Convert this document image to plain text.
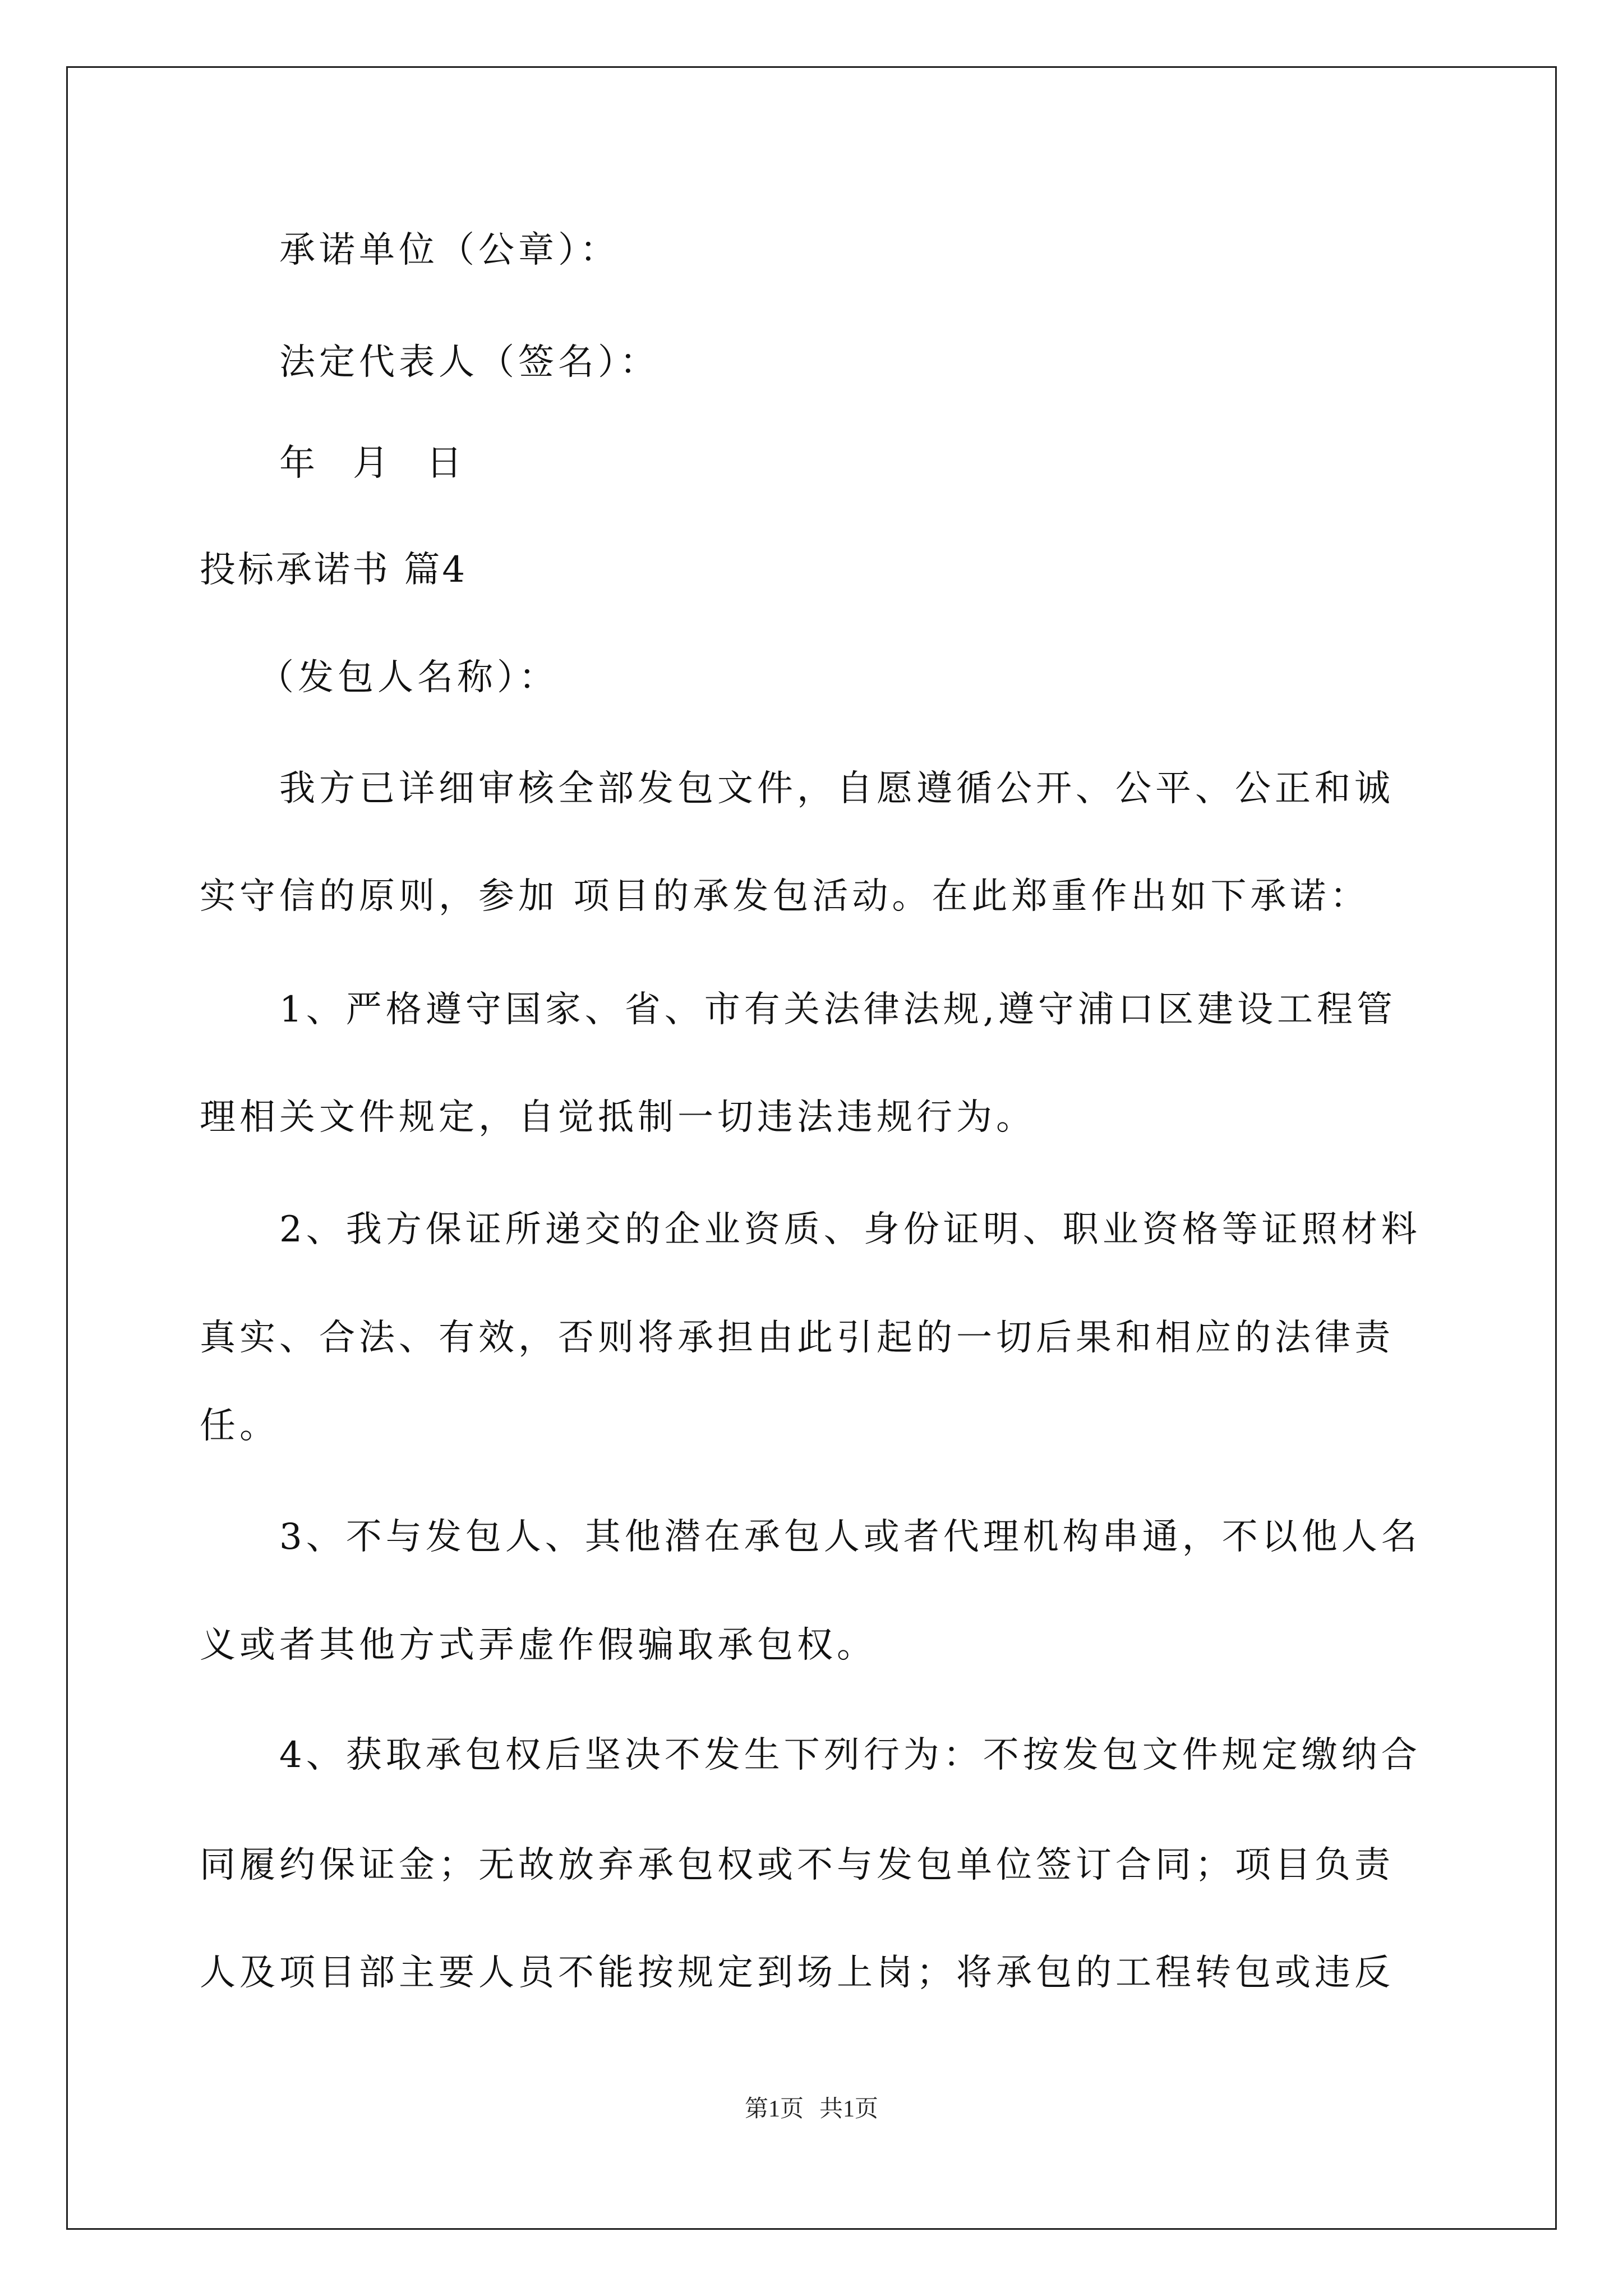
承诺单位（公章）：
法定代表人（签名）：
年 月 日
投标承诺书 篇4
（发包人名称）：
我方已详细审核全部发包文件，自愿遵循公开、公平、公正和诚
实守信的原则，参加 项目的承发包活动。在此郑重作出如下承诺：
1、严格遵守国家、省、市有关法律法规,遵守浦口区建设工程管
理相关文件规定，自觉抵制一切违法违规行为。
2、我方保证所递交的企业资质、身份证明、职业资格等证照材料
真实、合法、有效，否则将承担由此引起的一切后果和相应的法律责
任。
3、不与发包人、其他潜在承包人或者代理机构串通，不以他人名
义或者其他方式弄虚作假骗取承包权。
4、获取承包权后坚决不发生下列行为：不按发包文件规定缴纳合
同履约保证金；无故放弃承包权或不与发包单位签订合同；项目负责
人及项目部主要人员不能按规定到场上岗；将承包的工程转包或违反
第1页 共1页
